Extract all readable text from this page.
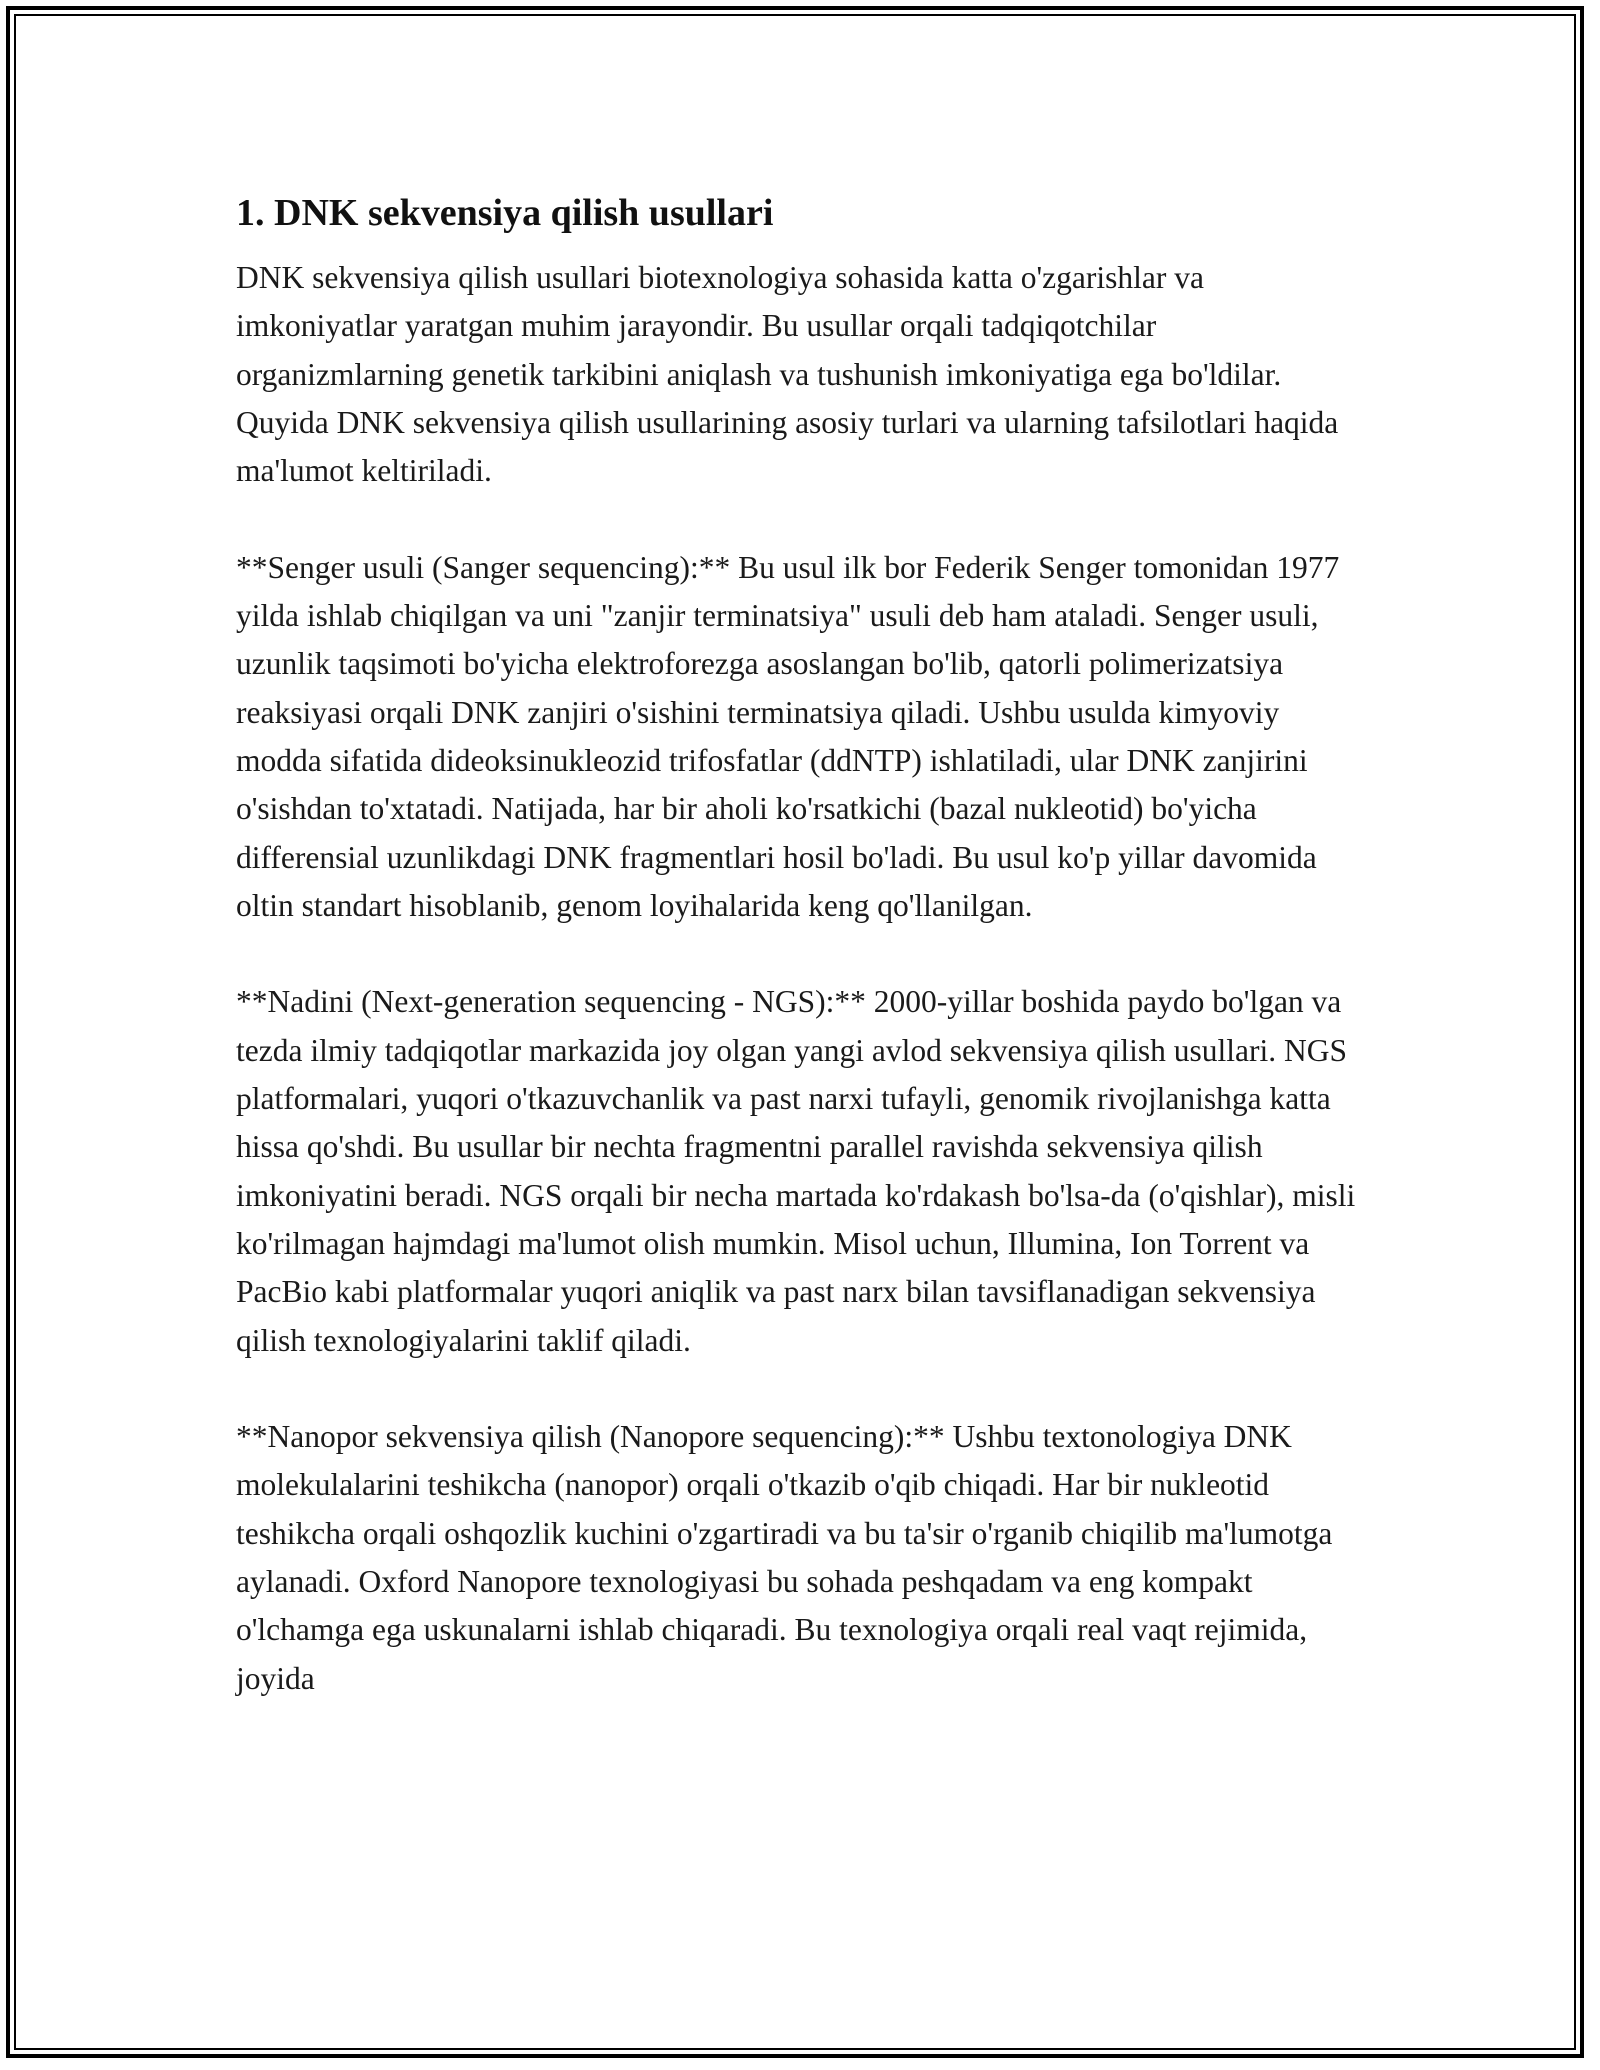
1. DNK sekvensiya qilish usullari

DNK sekvensiya qilish usullari biotexnologiya sohasida katta o'zgarishlar va imkoniyatlar yaratgan muhim jarayondir. Bu usullar orqali tadqiqotchilar organizmlarning genetik tarkibini aniqlash va tushunish imkoniyatiga ega bo'ldilar. Quyida DNK sekvensiya qilish usullarining asosiy turlari va ularning tafsilotlari haqida ma'lumot keltiriladi.

**Senger usuli (Sanger sequencing):** Bu usul ilk bor Federik Senger tomonidan 1977 yilda ishlab chiqilgan va uni "zanjir terminatsiya" usuli deb ham ataladi. Senger usuli, uzunlik taqsimoti bo'yicha elektroforezga asoslangan bo'lib, qatorli polimerizatsiya reaksiyasi orqali DNK zanjiri o'sishini terminatsiya qiladi. Ushbu usulda kimyoviy modda sifatida dideoksinukleozid trifosfatlar (ddNTP) ishlatiladi, ular DNK zanjirini o'sishdan to'xtatadi. Natijada, har bir aholi ko'rsatkichi (bazal nukleotid) bo'yicha differensial uzunlikdagi DNK fragmentlari hosil bo'ladi. Bu usul ko'p yillar davomida oltin standart hisoblanib, genom loyihalarida keng qo'llanilgan.

**Nadini (Next-generation sequencing - NGS):** 2000-yillar boshida paydo bo'lgan va tezda ilmiy tadqiqotlar markazida joy olgan yangi avlod sekvensiya qilish usullari. NGS platformalari, yuqori o'tkazuvchanlik va past narxi tufayli, genomik rivojlanishga katta hissa qo'shdi. Bu usullar bir nechta fragmentni parallel ravishda sekvensiya qilish imkoniyatini beradi. NGS orqali bir necha martada ko'rdakash bo'lsa-da (o'qishlar), misli ko'rilmagan hajmdagi ma'lumot olish mumkin. Misol uchun, Illumina, Ion Torrent va PacBio kabi platformalar yuqori aniqlik va past narx bilan tavsiflanadigan sekvensiya qilish texnologiyalarini taklif qiladi.

**Nanopor sekvensiya qilish (Nanopore sequencing):** Ushbu textonologiya DNK molekulalarini teshikcha (nanopor) orqali o'tkazib o'qib chiqadi. Har bir nukleotid teshikcha orqali oshqozlik kuchini o'zgartiradi va bu ta'sir o'rganib chiqilib ma'lumotga aylanadi. Oxford Nanopore texnologiyasi bu sohada peshqadam va eng kompakt o'lchamga ega uskunalarni ishlab chiqaradi. Bu texnologiya orqali real vaqt rejimida, joyida
